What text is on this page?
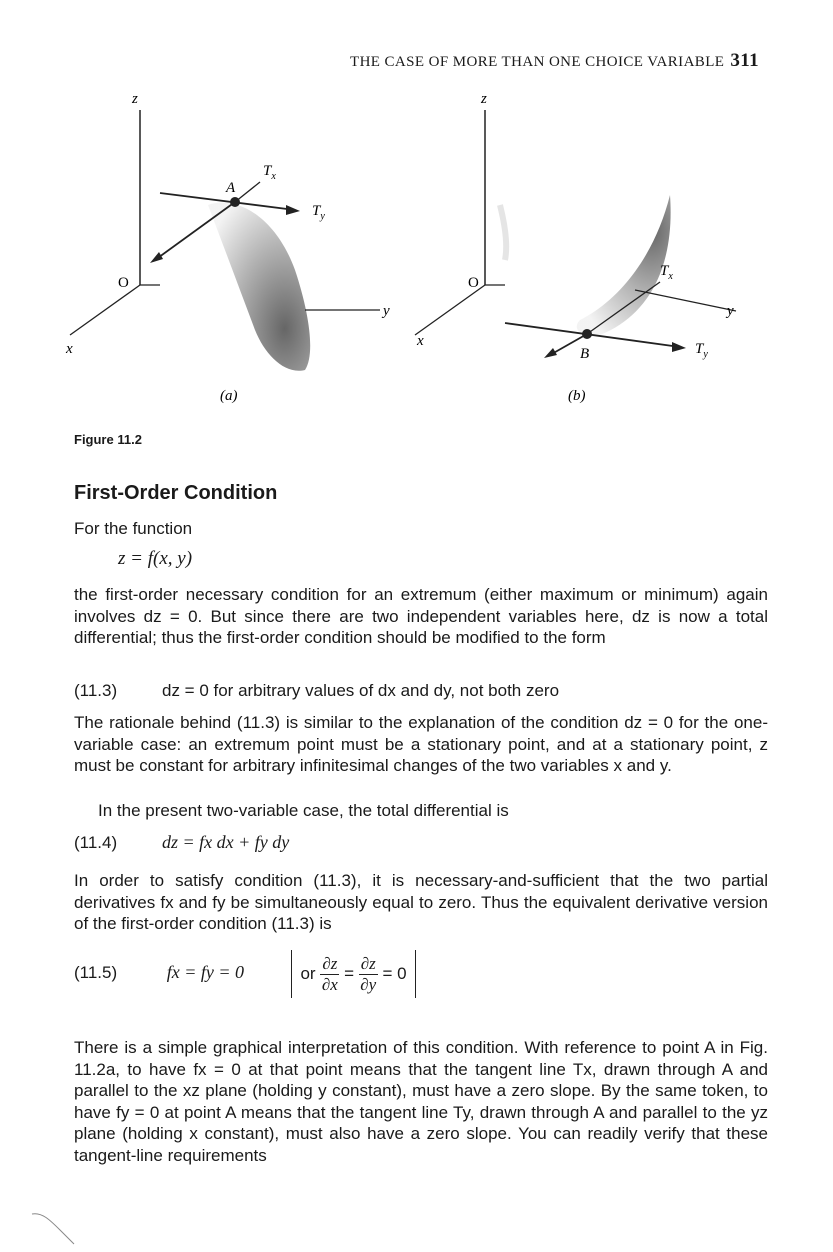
THE CASE OF MORE THAN ONE CHOICE VARIABLE 311
z
O
x
y
A
$T_x$
$T_y$
(a)
z
O
x
y
B
$T_x$
$T_y$
(b)
Figure 11.2
First-Order Condition

For the function

z = f(x, y)

the first-order necessary condition for an extremum (either maximum or minimum) again involves dz = 0. But since there are two independent variables here, dz is now a total differential; thus the first-order condition should be modified to the form

(11.3)	dz = 0 for arbitrary values of dx and dy, not both zero

The rationale behind (11.3) is similar to the explanation of the condition dz = 0 for the one-variable case: an extremum point must be a stationary point, and at a stationary point, z must be constant for arbitrary infinitesimal changes of the two variables x and y.

In the present two-variable case, the total differential is

(11.4) dz = fx dx + fy dy

In order to satisfy condition (11.3), it is necessary-and-sufficient that the two partial derivatives fx and fy be simultaneously equal to zero. Thus the equivalent derivative version of the first-order condition (11.3) is

(11.5)	fx = fy = 0	or $\frac{\partial z}{\partial x} = \frac{\partial z}{\partial y} = 0$

There is a simple graphical interpretation of this condition. With reference to point A in Fig. 11.2a, to have fx = 0 at that point means that the tangent line Tx, drawn through A and parallel to the xz plane (holding y constant), must have a zero slope. By the same token, to have fy = 0 at point A means that the tangent line Ty, drawn through A and parallel to the yz plane (holding x constant), must also have a zero slope. You can readily verify that these tangent-line requirements
